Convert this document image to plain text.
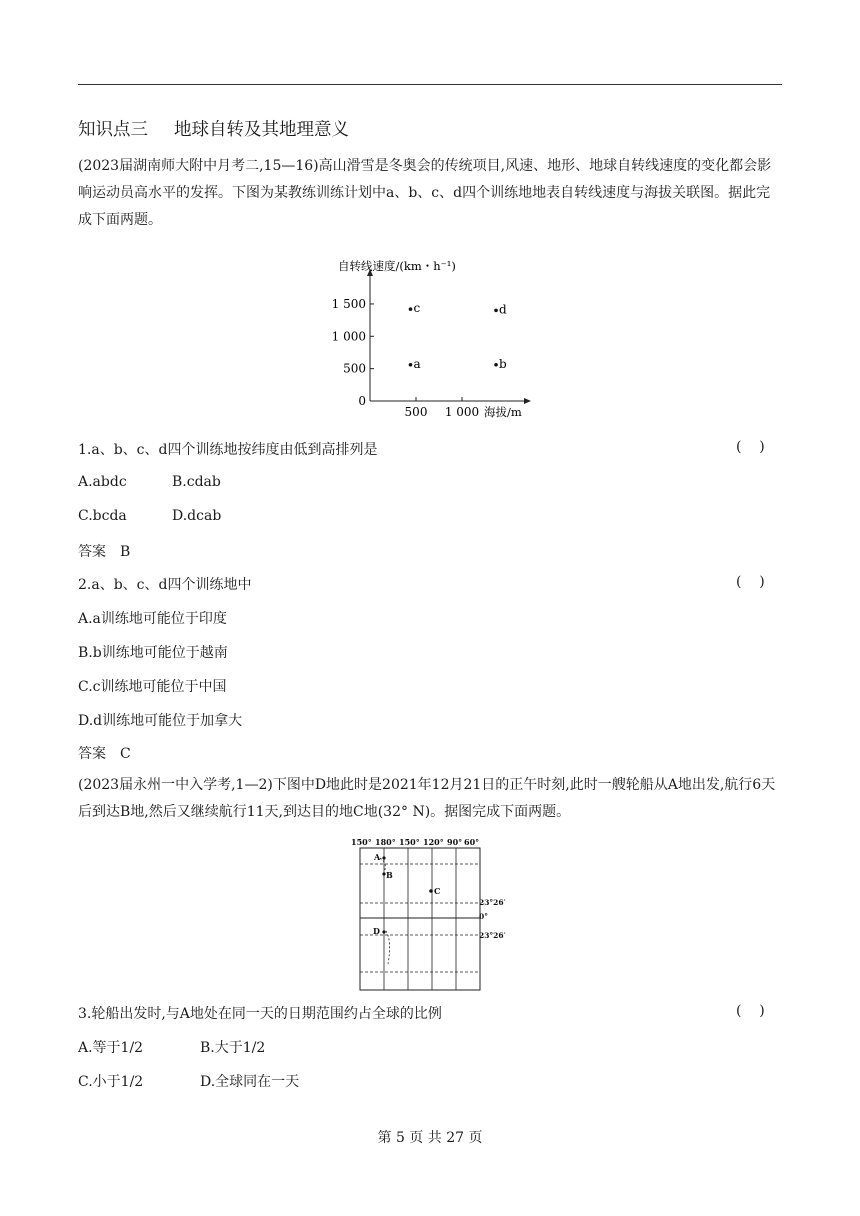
知识点三 地球自转及其地理意义
(2023届湖南师大附中月考二,15—16)高山滑雪是冬奥会的传统项目,风速、地形、地球自转线速度的变化都会影响运动员高水平的发挥。下图为某教练训练计划中a、b、c、d四个训练地地表自转线速度与海拔关联图。据此完成下面两题。
自转线速度/(km・h⁻¹)
海拔/m
0
500
1 000
1 500
500 1 000
a	b
c	d
1.a、b、c、d四个训练地按纬度由低到高排列是	(    )
A.abdc	B.cdab
C.bcda	D.dcab
答案 B
2.a、b、c、d四个训练地中	(    )
A.a训练地可能位于印度
B.b训练地可能位于越南
C.c训练地可能位于中国
D.d训练地可能位于加拿大
答案 C
(2023届永州一中入学考,1—2)下图中D地此时是2021年12月21日的正午时刻,此时一艘轮船从A地出发,航行6天后到达B地,然后又继续航行11天,到达目的地C地(32° N)。据图完成下面两题。
150° 180° 150° 120° 90° 60°
23°26′
0°
23°26′
A
B
C
D
3.轮船出发时,与A地处在同一天的日期范围约占全球的比例	(    )
A.等于1/2	B.大于1/2
C.小于1/2	D.全球同在一天
第 5 页 共 27 页
